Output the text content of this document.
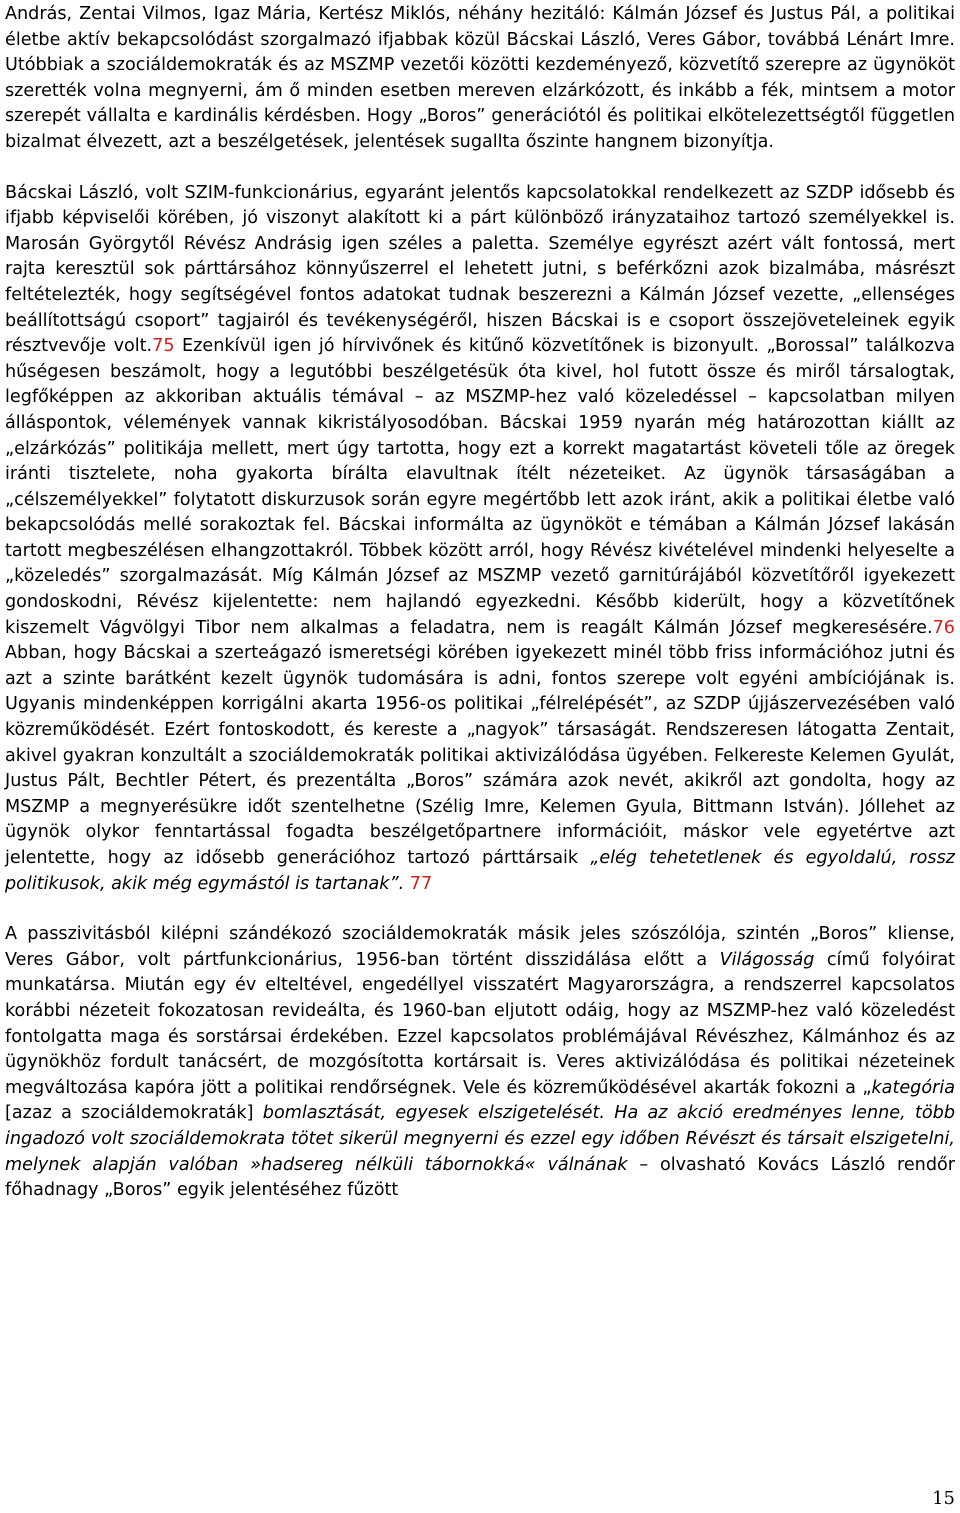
András, Zentai Vilmos, Igaz Mária, Kertész Miklós, néhány hezitáló: Kálmán József és Justus Pál, a politikai életbe aktív bekapcsolódást szorgalmazó ifjabbak közül Bácskai László, Veres Gábor, továbbá Lénárt Imre. Utóbbiak a szociáldemokraták és az MSZMP vezetői közötti kezdeményező, közvetítő szerepre az ügynököt szerették volna megnyerni, ám ő minden esetben mereven elzárkózott, és inkább a fék, mintsem a motor szerepét vállalta e kardinális kérdésben. Hogy „Boros” generációtól és politikai elkötelezettségtől független bizalmat élvezett, azt a beszélgetések, jelentések sugallta őszinte hangnem bizonyítja.

Bácskai László, volt SZIM-funkcionárius, egyaránt jelentős kapcsolatokkal rendelkezett az SZDP idősebb és ifjabb képviselői körében, jó viszonyt alakított ki a párt különböző irányzataihoz tartozó személyekkel is. Marosán Györgytől Révész Andrásig igen széles a paletta. Személye egyrészt azért vált fontossá, mert rajta keresztül sok párttársához könnyűszerrel el lehetett jutni, s beférkőzni azok bizalmába, másrészt feltételezték, hogy segítségével fontos adatokat tudnak beszerezni a Kálmán József vezette, „ellenséges beállítottságú csoport” tagjairól és tevékenységéről, hiszen Bácskai is e csoport összejöveteleinek egyik résztvevője volt.75 Ezenkívül igen jó hírvivőnek és kitűnő közvetítőnek is bizonyult. „Borossal” találkozva hűségesen beszámolt, hogy a legutóbbi beszélgetésük óta kivel, hol futott össze és miről társalogtak, legfőképpen az akkoriban aktuális témával – az MSZMP-hez való közeledéssel – kapcsolatban milyen álláspontok, vélemények vannak kikristályosodóban. Bácskai 1959 nyarán még határozottan kiállt az „elzárkózás” politikája mellett, mert úgy tartotta, hogy ezt a korrekt magatartást követeli tőle az öregek iránti tisztelete, noha gyakorta bírálta elavultnak ítélt nézeteiket. Az ügynök társaságában a „célszemélyekkel” folytatott diskurzusok során egyre megértőbb lett azok iránt, akik a politikai életbe való bekapcsolódás mellé sorakoztak fel. Bácskai informálta az ügynököt e témában a Kálmán József lakásán tartott megbeszélésen elhangzottakról. Többek között arról, hogy Révész kivételével mindenki helyeselte a „közeledés” szorgalmazását. Míg Kálmán József az MSZMP vezető garnitúrájából közvetítőről igyekezett gondoskodni, Révész kijelentette: nem hajlandó egyezkedni. Később kiderült, hogy a közvetítőnek kiszemelt Vágvölgyi Tibor nem alkalmas a feladatra, nem is reagált Kálmán József megkeresésére.76 Abban, hogy Bácskai a szerteágazó ismeretségi körében igyekezett minél több friss információhoz jutni és azt a szinte barátként kezelt ügynök tudomására is adni, fontos szerepe volt egyéni ambíciójának is. Ugyanis mindenképpen korrigálni akarta 1956-os politikai „félrelépését”, az SZDP újjászervezésében való közreműködését. Ezért fontoskodott, és kereste a „nagyok” társaságát. Rendszeresen látogatta Zentait, akivel gyakran konzultált a szociáldemokraták politikai aktivizálódása ügyében. Felkereste Kelemen Gyulát, Justus Pált, Bechtler Pétert, és prezentálta „Boros” számára azok nevét, akikről azt gondolta, hogy az MSZMP a megnyerésükre időt szentelhetne (Szélig Imre, Kelemen Gyula, Bittmann István). Jóllehet az ügynök olykor fenntartással fogadta beszélgetőpartnere információit, máskor vele egyetértve azt jelentette, hogy az idősebb generációhoz tartozó párttársaik „elég tehetetlenek és egyoldalú, rossz politikusok, akik még egymástól is tartanak”. 77

A passzivitásból kilépni szándékozó szociáldemokraták másik jeles szószólója, szintén „Boros” kliense, Veres Gábor, volt pártfunkcionárius, 1956-ban történt disszidálása előtt a Világosság című folyóirat munkatársa. Miután egy év elteltével, engedéllyel visszatért Magyarországra, a rendszerrel kapcsolatos korábbi nézeteit fokozatosan revideálta, és 1960-ban eljutott odáig, hogy az MSZMP-hez való közeledést fontolgatta maga és sorstársai érdekében. Ezzel kapcsolatos problémájával Révészhez, Kálmánhoz és az ügynökhöz fordult tanácsért, de mozgósította kortársait is. Veres aktivizálódása és politikai nézeteinek megváltozása kapóra jött a politikai rendőrségnek. Vele és közreműködésével akarták fokozni a „kategória [azaz a szociáldemokraták] bomlasztását, egyesek elszigetelését. Ha az akció eredményes lenne, több ingadozó volt szociáldemokrata tötet sikerül megnyerni és ezzel egy időben Révészt és társait elszigetelni, melynek alapján valóban »hadsereg nélküli tábornokká« válnának – olvasható Kovács László rendőr főhadnagy „Boros” egyik jelentéséhez fűzött

15
